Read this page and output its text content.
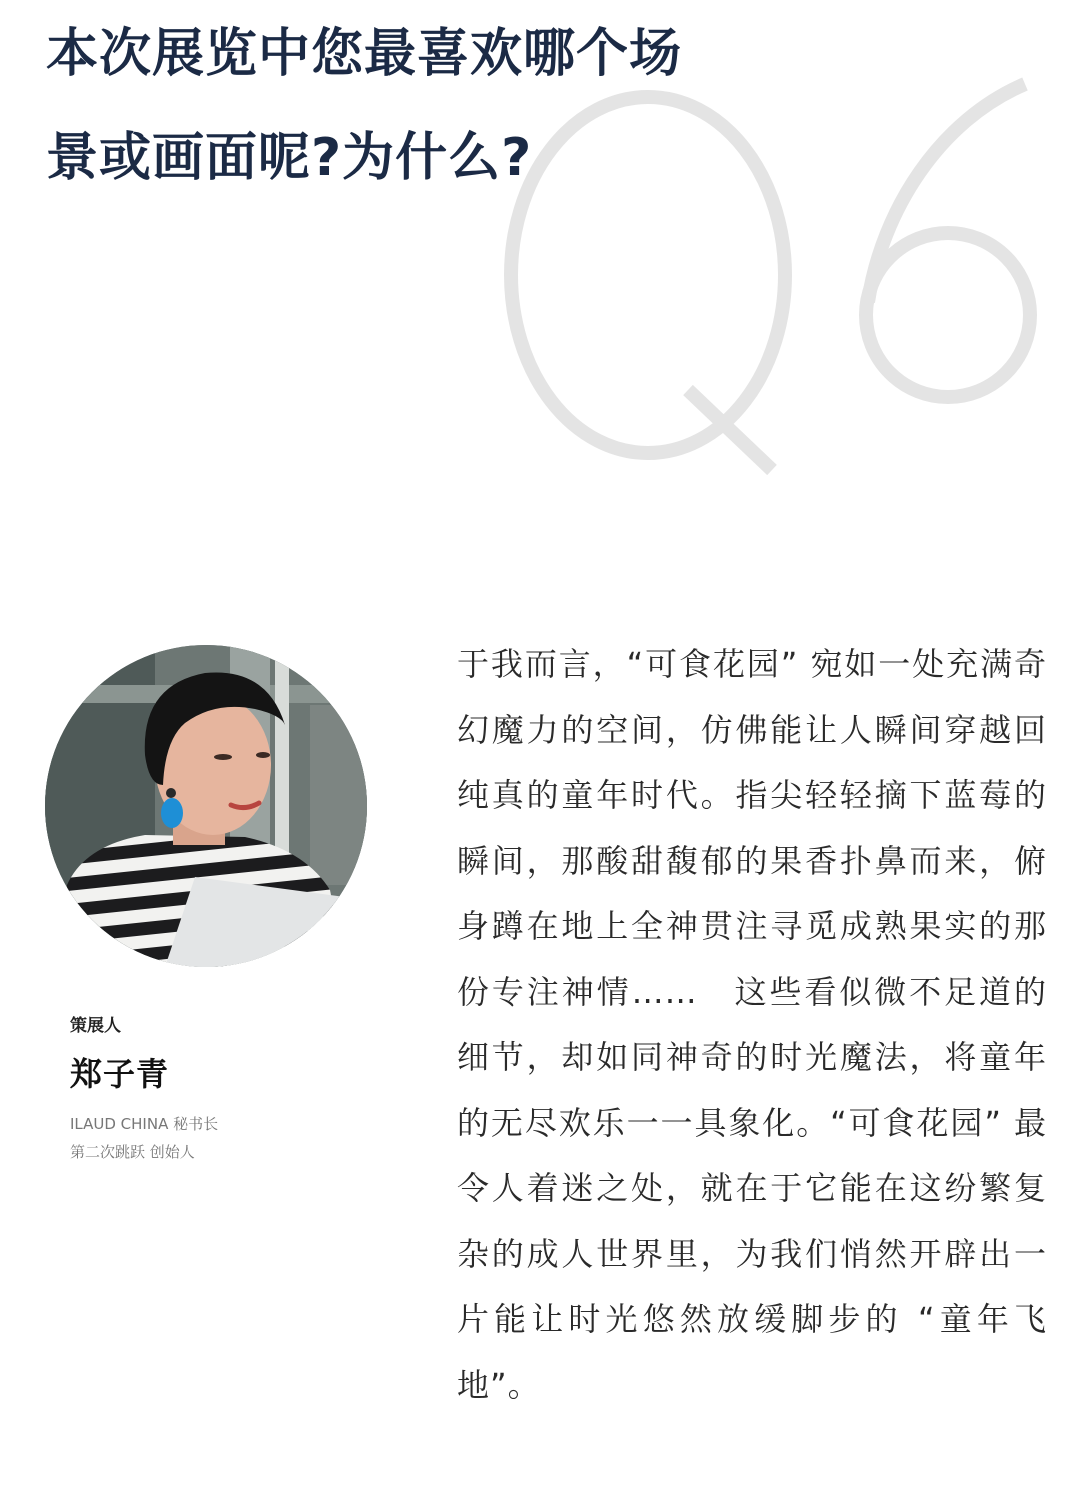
本次展览中您最喜欢哪个场
景或画面呢?为什么?
策展人
郑子青
ILAUD CHINA 秘书长
第二次跳跃 创始人

于我而言，“可食花园” 宛如一处充满奇幻魔力的空间，仿佛能让人瞬间穿越回纯真的童年时代。指尖轻轻摘下蓝莓的瞬间，那酸甜馥郁的果香扑鼻而来，俯身蹲在地上全神贯注寻觅成熟果实的那份专注神情……　这些看似微不足道的细节，却如同神奇的时光魔法，将童年的无尽欢乐一一具象化。“可食花园” 最令人着迷之处，就在于它能在这纷繁复杂的成人世界里，为我们悄然开辟出一片能让时光悠然放缓脚步的 “童年飞地”。
